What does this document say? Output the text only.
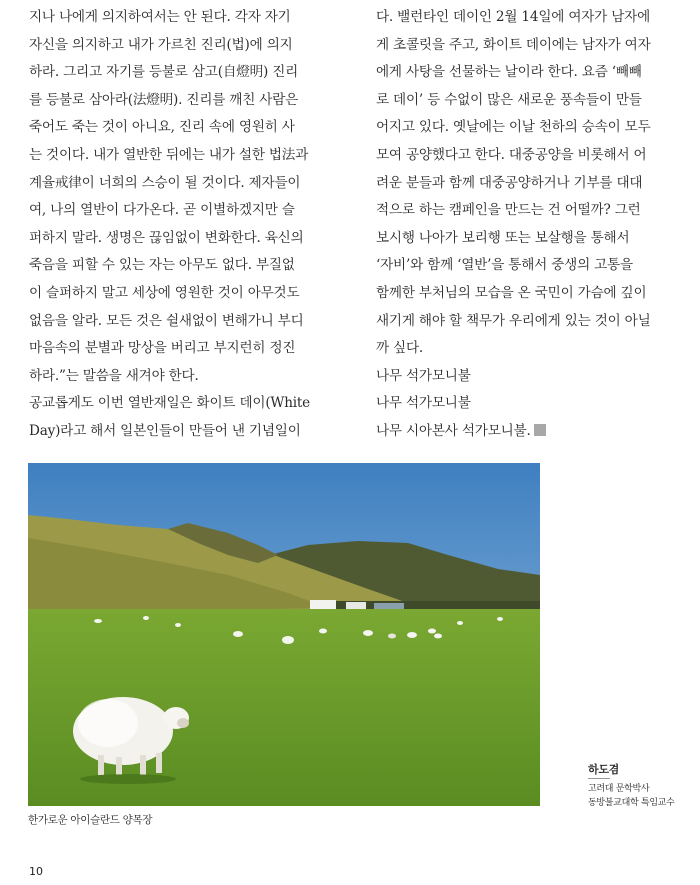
지나 나에게 의지하여서는 안 된다. 각자 자기
자신을 의지하고 내가 가르친 진리(법)에 의지
하라. 그리고 자기를 등불로 삼고(自燈明) 진리
를 등불로 삼아라(法燈明). 진리를 깨친 사람은
죽어도 죽는 것이 아니요, 진리 속에 영원히 사
는 것이다. 내가 열반한 뒤에는 내가 설한 법法과
계율戒律이 너희의 스승이 될 것이다. 제자들이
여, 나의 열반이 다가온다. 곧 이별하겠지만 슬
퍼하지 말라. 생명은 끊임없이 변화한다. 육신의
죽음을 피할 수 있는 자는 아무도 없다. 부질없
이 슬퍼하지 말고 세상에 영원한 것이 아무것도
없음을 알라. 모든 것은 쉴새없이 변해가니 부디
마음속의 분별과 망상을 버리고 부지런히 정진
하라.”는 말씀을 새겨야 한다.
공교롭게도 이번 열반재일은 화이트 데이(White
Day)라고 해서 일본인들이 만들어 낸 기념일이
다. 밸런타인 데이인 2월 14일에 여자가 남자에
게 초콜릿을 주고, 화이트 데이에는 남자가 여자
에게 사탕을 선물하는 날이라 한다. 요즘 ‘빼빼
로 데이’ 등 수없이 많은 새로운 풍속들이 만들
어지고 있다. 옛날에는 이날 천하의 승속이 모두
모여 공양했다고 한다. 대중공양을 비롯해서 어
려운 분들과 함께 대중공양하거나 기부를 대대
적으로 하는 캠페인을 만드는 건 어떨까? 그런
보시행 나아가 보리행 또는 보살행을 통해서
‘자비’와 함께 ‘열반’을 통해서 중생의 고통을
함께한 부처님의 모습을 온 국민이 가슴에 깊이
새기게 해야 할 책무가 우리에게 있는 것이 아닐
까 싶다.
나무 석가모니불
나무 석가모니불
나무 시아본사 석가모니불.
한가로운 아이슬란드 양목장
하도겸
고려대 문학박사
동방불교대학 특임교수
10
